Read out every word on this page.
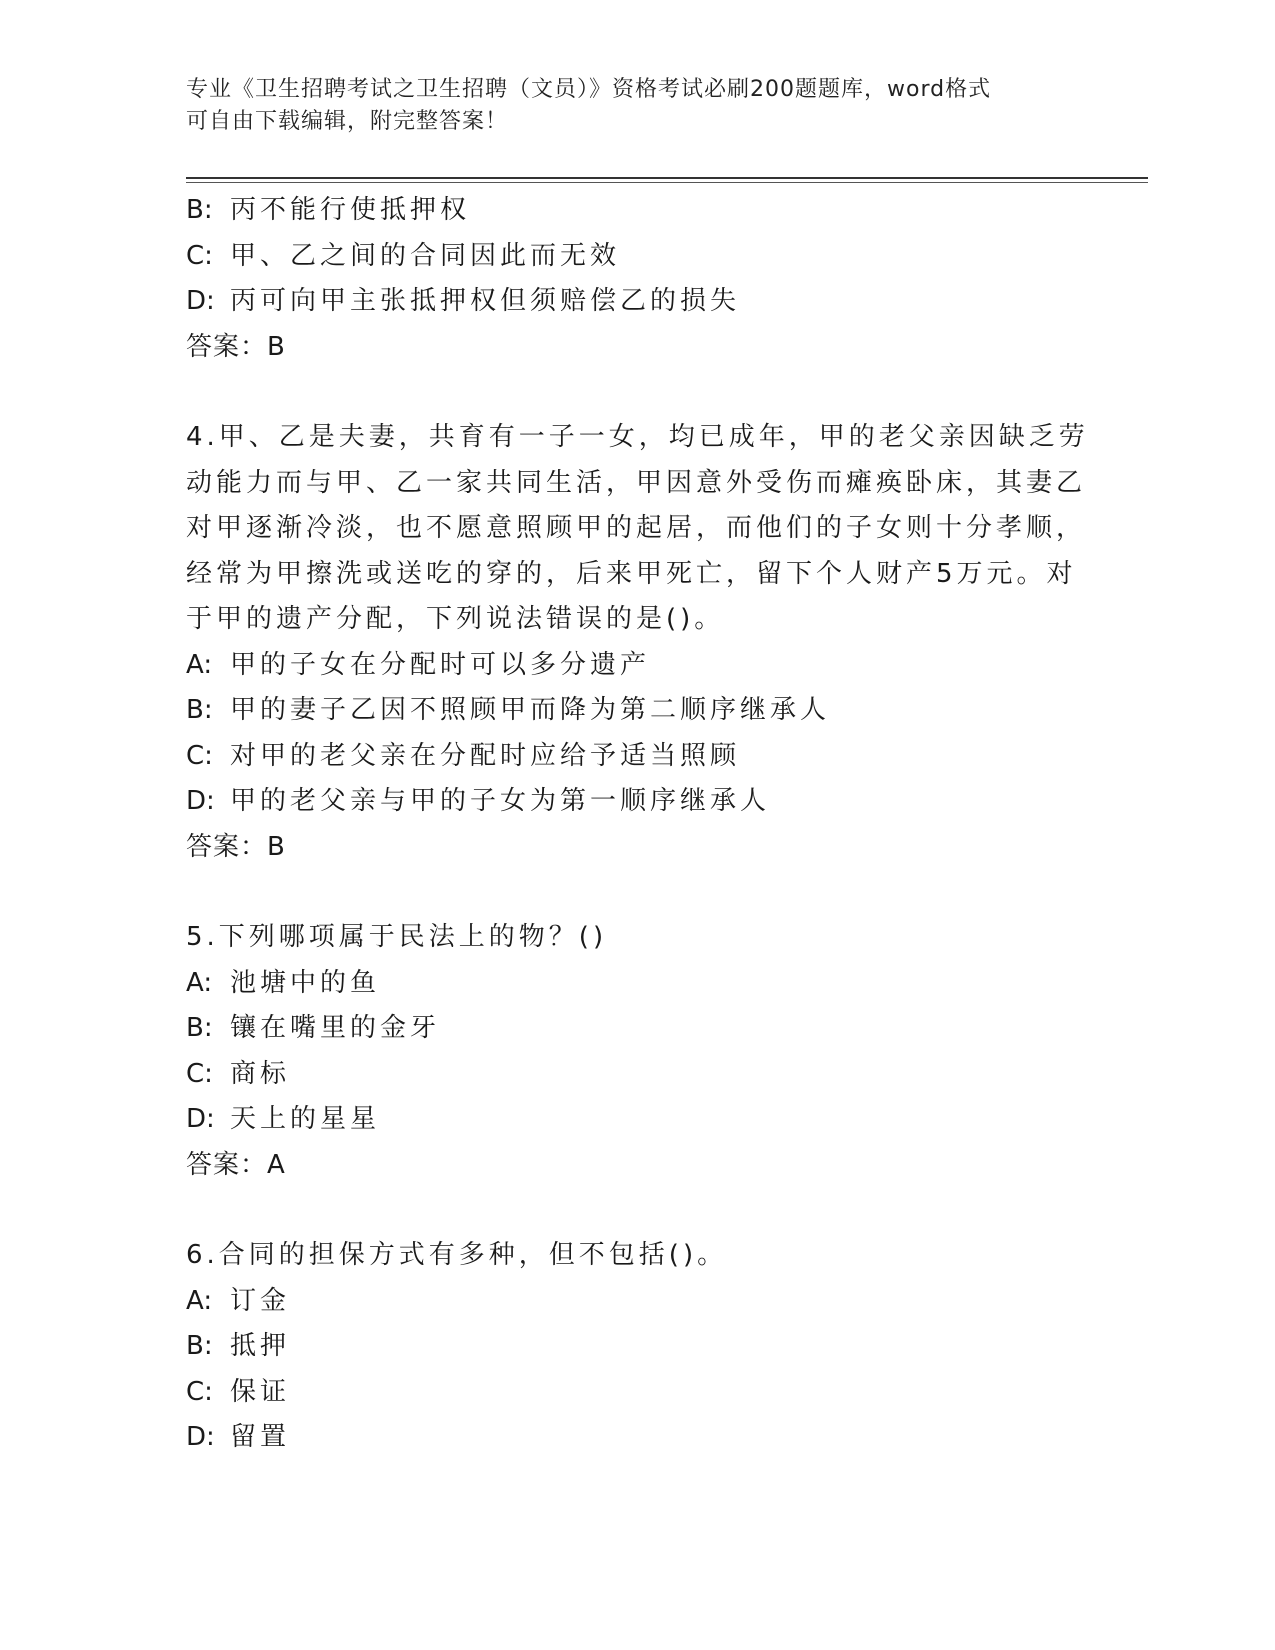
专业《卫生招聘考试之卫生招聘（文员）》资格考试必刷200题题库，word格式
可自由下载编辑，附完整答案！
B: 丙不能行使抵押权
C: 甲、乙之间的合同因此而无效
D: 丙可向甲主张抵押权但须赔偿乙的损失
答案：B
4.甲、乙是夫妻，共育有一子一女，均已成年，甲的老父亲因缺乏劳
动能力而与甲、乙一家共同生活，甲因意外受伤而瘫痪卧床，其妻乙
对甲逐渐冷淡，也不愿意照顾甲的起居，而他们的子女则十分孝顺，
经常为甲擦洗或送吃的穿的，后来甲死亡，留下个人财产5万元。对
于甲的遗产分配，下列说法错误的是()。
A: 甲的子女在分配时可以多分遗产
B: 甲的妻子乙因不照顾甲而降为第二顺序继承人
C: 对甲的老父亲在分配时应给予适当照顾
D: 甲的老父亲与甲的子女为第一顺序继承人
答案：B
5.下列哪项属于民法上的物？()
A: 池塘中的鱼
B: 镶在嘴里的金牙
C: 商标
D: 天上的星星
答案：A
6.合同的担保方式有多种，但不包括()。
A: 订金
B: 抵押
C: 保证
D: 留置
